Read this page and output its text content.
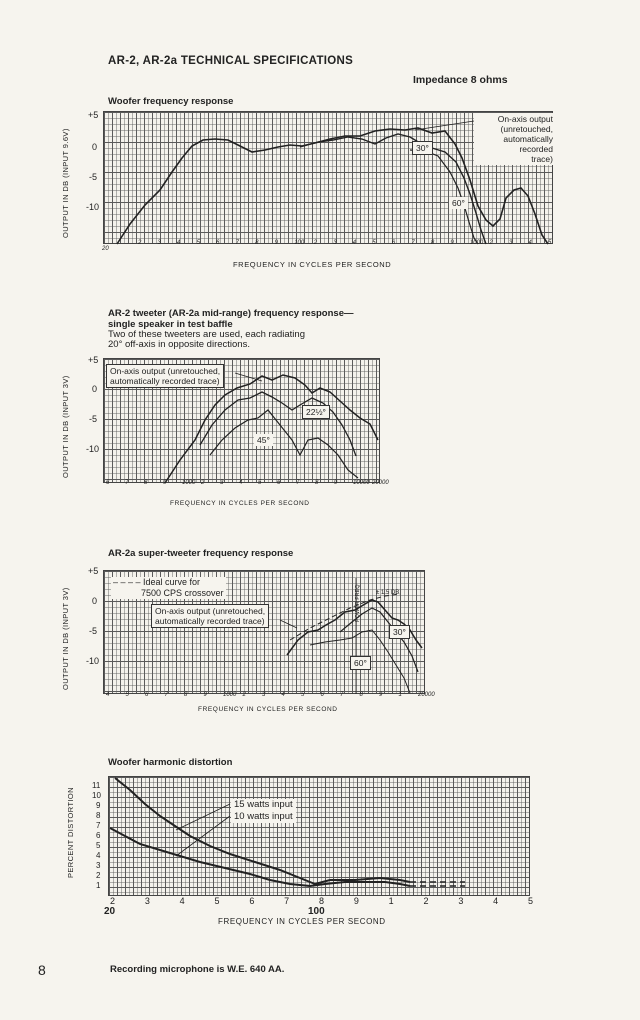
AR-2, AR-2a TECHNICAL SPECIFICATIONS
Impedance 8 ohms
Woofer frequency response
OUTPUT IN DB (INPUT 9.6V)
+5
0
-5
-10
20
2	3	4	5	6	7	8	9	100 2	3	4	5	6	7	8	9	1000 2	3	4	5
FREQUENCY IN CYCLES PER SECOND
On-axis output
(unretouched,
automatically
recorded
trace)
30°
60°
AR-2 tweeter (AR-2a mid-range) frequency response—
single speaker in test baffle
Two of these tweeters are used, each radiating
20° off-axis in opposite directions.
OUTPUT IN DB (INPUT 3V)
+5
0
-5
-10
6	7	8	9	1000 2	3	4	5	6	7	8	9	10000 20000
FREQUENCY IN CYCLES PER SECOND
On-axis output (unretouched,
automatically recorded trace)
22½°
45°
AR-2a super-tweeter frequency response
OUTPUT IN DB (INPUT 3V)
+5
0
-5
-10
4	5	6	7	8	9	1000 2	3	4	5	6	7	8	9	1	20000
FREQUENCY IN CYCLES PER SECOND
– – – – Ideal curve for
7500 CPS crossover
On-axis output (unretouched,
automatically recorded trace)
30°
60°
± 1.5 DB
POWER FREQ
Woofer harmonic distortion
PERCENT DISTORTION
11
10
9
8
7
6
5
4
3
2
1
2	3	4	5	6	7	8	9	1	2	3	4	5
20	100
FREQUENCY IN CYCLES PER SECOND
15 watts input
10 watts input
8	Recording microphone is W.E. 640 AA.
